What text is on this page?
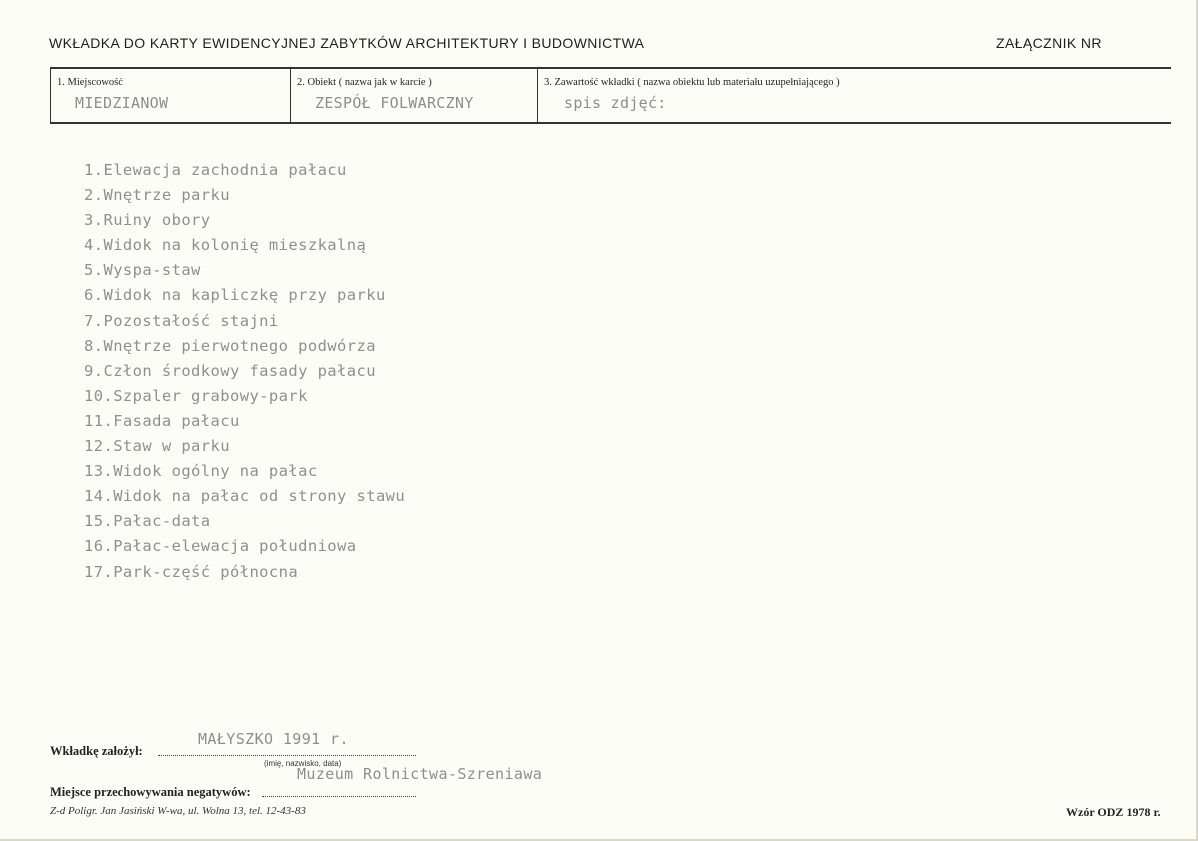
WKŁADKA DO KARTY EWIDENCYJNEJ ZABYTKÓW ARCHITEKTURY I BUDOWNICTWA	ZAŁĄCZNIK NR
1. Miejscowość
MIEDZIANOW
2. Obiekt ( nazwa jak w karcie )
ZESPÓŁ FOLWARCZNY
3. Zawartość wkładki ( nazwa obiektu lub materiału uzupełniającego )
spis zdjęć:
1.Elewacja zachodnia pałacu
2.Wnętrze parku
3.Ruiny obory
4.Widok na kolonię mieszkalną
5.Wyspa-staw
6.Widok na kapliczkę przy parku
7.Pozostałość stajni
8.Wnętrze pierwotnego podwórza
9.Człon środkowy fasady pałacu
10.Szpaler grabowy-park
11.Fasada pałacu
12.Staw w parku
13.Widok ogólny na pałac
14.Widok na pałac od strony stawu
15.Pałac-data
16.Pałac-elewacja południowa
17.Park-część północna
Wkładkę założył:
MAŁYSZKO 1991 r.
(imię, nazwisko, data)
Miejsce przechowywania negatywów:
Muzeum Rolnictwa-Szreniawa
Z-d Poligr. Jan Jasiński W-wa, ul. Wolna 13, tel. 12-43-83	Wzór ODZ 1978 r.
